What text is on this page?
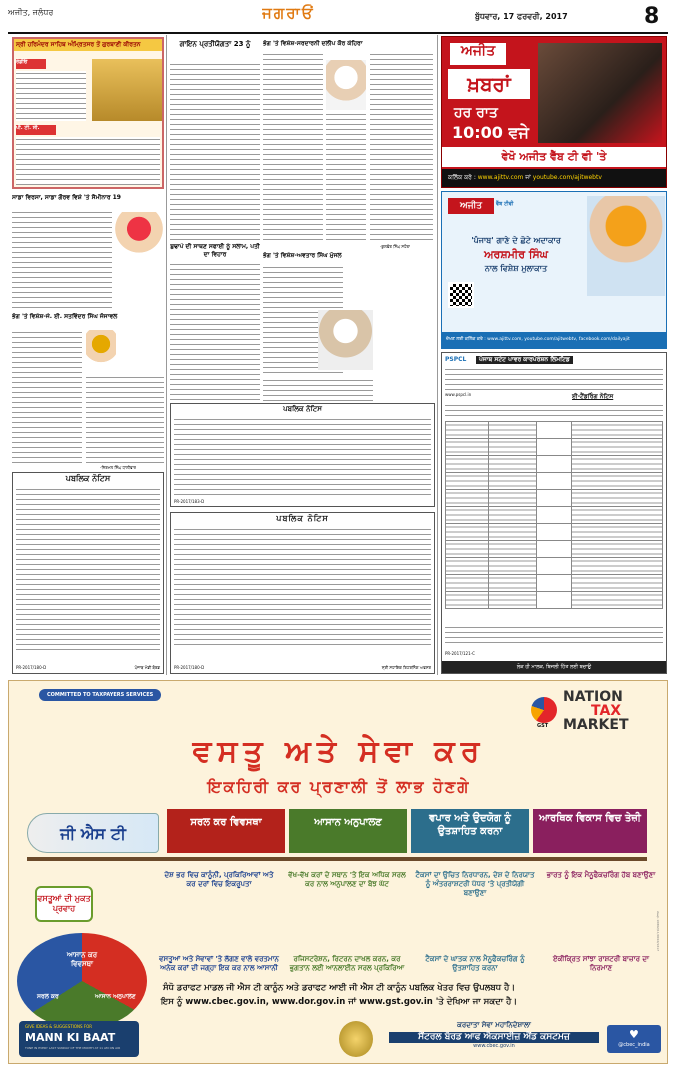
ਅਜੀਤ, ਜਲੰਧਰ	ਜਗਰਾਓਂ	ਬੁੱਧਵਾਰ, 17 ਫਰਵਰੀ, 2017	8
ਸ੍ਰੀ ਹਰਿਮੰਦਰ ਸਾਹਿਬ ਅੰਮ੍ਰਿਤਸਰ ਤੋਂ ਗੁਰਬਾਣੀ ਕੀਰਤਨ
ਰੇਡੀਓ
ਪੀ. ਟੀ. ਸੀ.
ਸਾਡਾ ਵਿਰਸਾ, ਸਾਡਾ ਗੌਰਵ ਵਿਸ਼ੇ 'ਤੇ ਸੈਮੀਨਾਰ 19
ਭੋਗ 'ਤੇ ਵਿਸ਼ੇਸ਼-ਜੇ. ਈ. ਸਤਵਿੰਦਰ ਸਿੰਘ ਜੱਜਾਵਲ
-ਨਿਰਮਲ ਸਿੰਘ ਧਾਲੀਵਾਲ
ਪਬਲਿਕ ਨੋਟਿਸ
PR-2017/180-D	ਪੰਜਾਬ ਮੰਡੀ ਬੋਰਡ
ਗਾਇਨ ਪ੍ਰਤੀਯੋਗਤਾ 23 ਨੂੰ
ਬੁਢਾਪੇ ਦੀ ਸਾਥਣ ਸਫਾਈ ਨੂੰ ਸਲਾਮ, ਪਤੀ ਦਾ ਵਿਹਾਰ
ਪਬਲਿਕ ਨੋਟਿਸ
PR-2017/180-D	ਸ੍ਰੀ ਸਹਾਇਕ ਰਿਟਰਨਿੰਗ ਅਫਸਰ
ਭੋਗ 'ਤੇ ਵਿਸ਼ੇਸ਼-ਸਰਦਾਰਨੀ ਦਲੀਪ ਕੌਰ ਕੇਹਿਰਾ
-ਕੁਲਵੰਤ ਸਿੰਘ ਸਹੋਤਾ
ਭੋਗ 'ਤੇ ਵਿਸ਼ੇਸ਼-ਅਵਤਾਰ ਸਿੰਘ ਮੁੱਜਲ
ਪਬਲਿਕ ਨੋਟਿਸ
PR-2017/183-D
ਅਜੀਤ
ਖ਼ਬਰਾਂ
ਹਰ ਰਾਤ
10:00 ਵਜੇ
ਵੇਖੋ ਅਜੀਤ ਵੈੱਬ ਟੀ ਵੀ 'ਤੇ
ਕਲਿੱਕ ਕਰੋ : www.ajittv.com ਜਾਂ youtube.com/ajitwebtv
ਅਜੀਤ	ਵੈੱਬ ਟੀਵੀ
'ਪੰਜਾਬ' ਗਾਣੇ ਦੇ ਛੋਟੇ ਅਦਾਕਾਰ
ਅਰਸ਼ਮੀਰ ਸਿੰਘ
ਨਾਲ ਵਿਸ਼ੇਸ਼ ਮੁਲਾਕਾਤ
ਦੇਖਣ ਲਈ ਕਲਿੱਕ ਕਰੋ : www.ajittv.com, youtube.com/ajitwebtv, facebook.com/dailyajit
PSPCL	ਪੰਜਾਬ ਸਟੇਟ ਪਾਵਰ ਕਾਰਪੋਰੇਸ਼ਨ ਲਿਮਟਿਡ
www.pspcl.in	ਈ-ਟੈਂਡਰਿੰਗ ਨੋਟਿਸ

PR-2017/121-C
ਲੋਕ ਹੀ ਮਾਲਕ, ਬਿਜਲੀ ਹਿੱਤ ਲਈ ਬਚਾਉ
COMMITTED TO TAXPAYERS SERVICES
GST
NATION
TAX
MARKET
ਵਸਤੂ ਅਤੇ ਸੇਵਾ ਕਰ
ਇਕਹਿਰੀ ਕਰ ਪ੍ਰਣਾਲੀ ਤੋਂ ਲਾਭ ਹੋਣਗੇ
ਜੀ ਐਸ ਟੀ
ਸਰਲ ਕਰ ਵਿਵਸਥਾ	ਆਸਾਨ ਅਨੁਪਾਲਣ	ਵਪਾਰ ਅਤੇ ਉਦਯੋਗ ਨੂੰ ਉਤਸ਼ਾਹਿਤ ਕਰਨਾ
ਆਰਥਿਕ ਵਿਕਾਸ ਵਿਚ ਤੇਜ਼ੀ
ਵਸਤੂਆਂ ਦੀ ਮੁਕਤ ਪ੍ਰਵਾਹ
ਆਸਾਨ ਕਰ ਵਿਵਸਥਾ
ਸਰਲ ਕਰ	ਆਸਾਨ ਅਨੁਪਾਲਣ
ਦੇਸ਼ ਭਰ ਵਿਚ ਕਾਨੂੰਨੀ, ਪ੍ਰਕਿਰਿਆਵਾਂ ਅਤੇ ਕਰ ਦਰਾਂ ਵਿਚ ਇਕਰੂਪਤਾ
ਵਸਤੂਆਂ ਅਤੇ ਸੇਵਾਵਾਂ 'ਤੇ ਲੱਗਣ ਵਾਲੇ ਵਰਤਮਾਨ ਅਨੇਕ ਕਰਾਂ ਦੀ ਜਗ੍ਹਾ ਇਕ ਕਰ ਨਾਲ ਆਸਾਨੀ
ਵੱਖ-ਵੱਖ ਕਰਾਂ ਦੇ ਸਥਾਨ 'ਤੇ ਇਕ ਅਧਿਕ ਸਰਲ ਕਰ ਨਾਲ ਅਨੁਪਾਲਣ ਦਾ ਬੋਝ ਘੱਟ
ਰਜਿਸਟਰੇਸ਼ਨ, ਰਿਟਰਨ ਦਾਖਲ ਕਰਨ, ਕਰ ਭੁਗਤਾਨ ਲਈ ਆਨਲਾਈਨ ਸਰਲ ਪ੍ਰਕਿਰਿਆ
ਟੈਕਸਾਂ ਦਾ ਉਚਿਤ ਨਿਰਧਾਰਨ, ਦੇਸ਼ ਦੇ ਨਿਰਯਾਤ ਨੂੰ ਅੰਤਰਰਾਸ਼ਟਰੀ ਪੱਧਰ 'ਤੇ ਪ੍ਰਤੀਯੋਗੀ ਬਣਾਉਣਾ
ਟੈਕਸਾਂ ਦੇ ਘਾਤਕ ਨਾਲ ਮੈਨੂਫੈਕਚਰਿੰਗ ਨੂੰ ਉਤਸ਼ਾਹਿਤ ਕਰਨਾ
ਭਾਰਤ ਨੂੰ ਇਕ ਮੈਨੂਫੈਕਚਰਿੰਗ ਹੱਬ ਬਣਾਉਣਾ
ਏਕੀਕ੍ਰਿਤ ਸਾਂਝਾ ਰਾਸ਼ਟਰੀ ਬਾਜ਼ਾਰ ਦਾ ਨਿਰਮਾਣ
ਸੰਧੋ ਡਰਾਫਟ ਮਾਡਲ ਜੀ ਐਸ ਟੀ ਕਾਨੂੰਨ ਅਤੇ ਡਰਾਫਟ ਆਈ ਜੀ ਐਸ ਟੀ ਕਾਨੂੰਨ ਪਬਲਿਕ ਖੇਤਰ ਵਿਚ ਉਪਲਬਧ ਹੈ।
ਇਸ ਨੂੰ www.cbec.gov.in, www.dor.gov.in ਜਾਂ www.gst.gov.in 'ਤੇ ਦੇਖਿਆ ਜਾ ਸਕਦਾ ਹੈ।
GIVE IDEAS & SUGGESTIONS FOR
MANN KI BAAT
TUNE IN EVERY LAST SUNDAY OF THE MONTH AT 11 AM ON AIR
ਕਰਦਾਤਾ ਸੇਵਾ ਮਹਾਨਿਦੇਸ਼ਾਲਾ
ਸੈਂਟਰਲ ਬੋਰਡ ਆਫ ਐਕਸਾਈਜ਼ ਐਂਡ ਕਸਟਮਜ਼
www.cbec.gov.in
♥
@cbec_india
davp 10802/11/0010/1617
